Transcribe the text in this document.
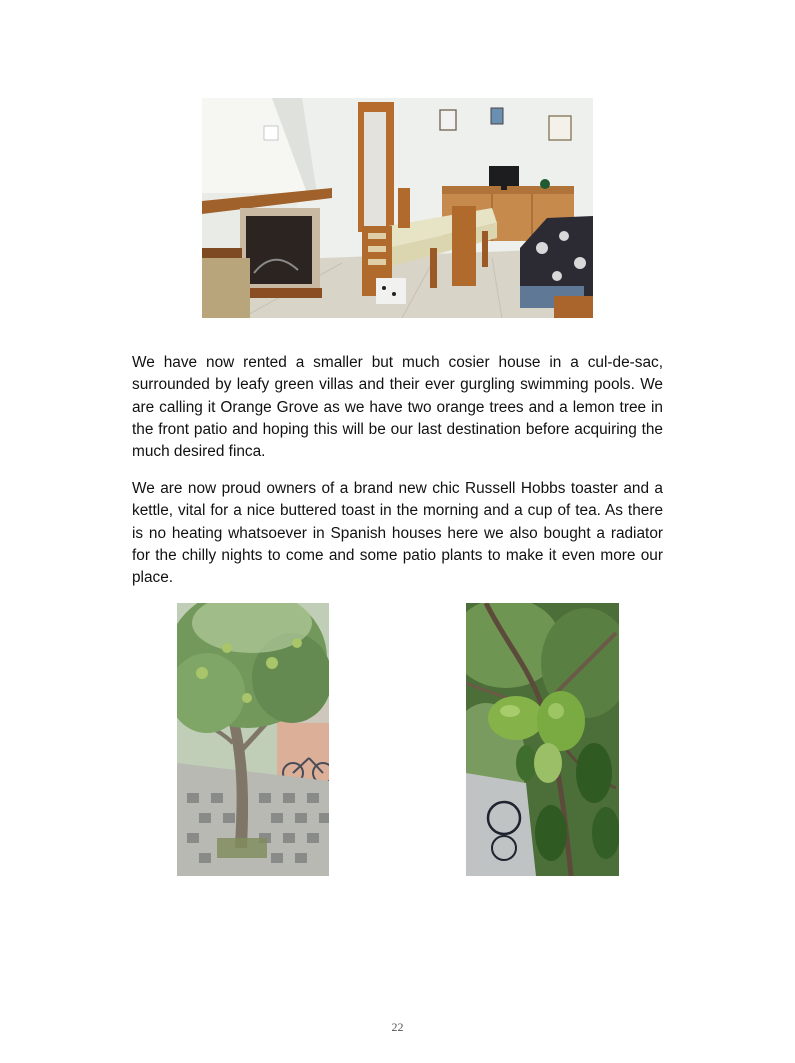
We have now rented a smaller but much cosier house in a cul-de-sac, surrounded by leafy green villas and their ever gurgling swimming pools. We are calling it Orange Grove as we have two orange trees and a lemon tree in the front patio and hoping this will be our last destination before acquiring the much desired finca.

We are now proud owners of a brand new chic Russell Hobbs toaster and a kettle, vital for a nice buttered toast in the morning and a cup of tea. As there is no heating whatsoever in Spanish houses here we also bought a radiator for the chilly nights to come and some patio plants to make it even more our place.

22
